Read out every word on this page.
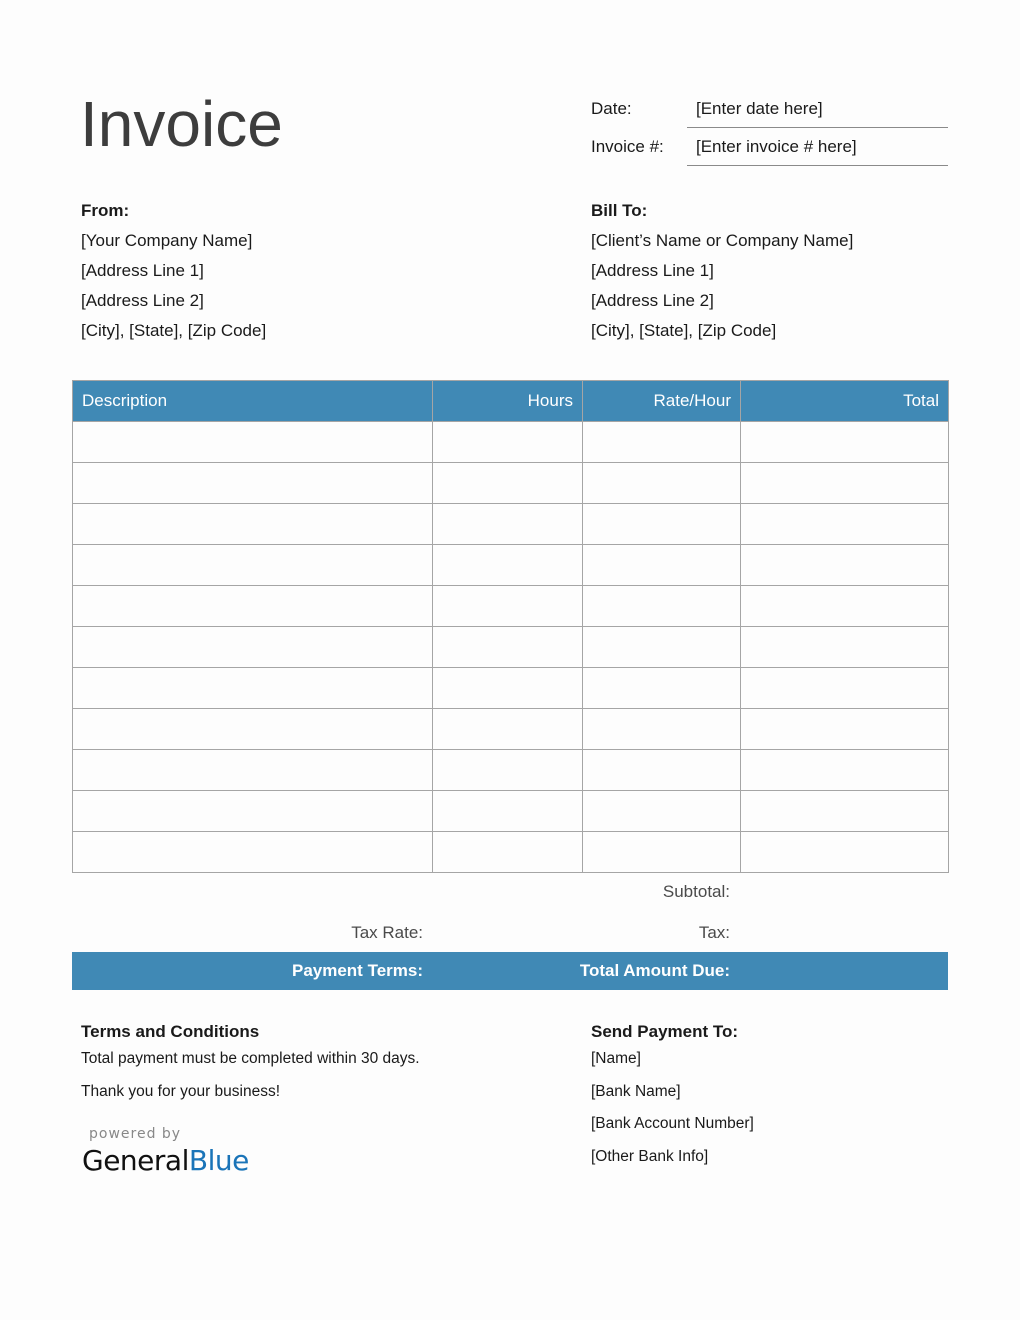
Invoice	Date:	[Enter date here]
Invoice #: [Enter invoice # here]
From:
[Your Company Name]
[Address Line 1]
[Address Line 2]
[City], [State], [Zip Code]
Bill To:
[Client’s Name or Company Name]
[Address Line 1]
[Address Line 2]
[City], [State], [Zip Code]
Description	Hours	Rate/Hour	Total

Subtotal:
Tax Rate:	Tax:
Payment Terms:	Total Amount Due:
Terms and Conditions
Total payment must be completed within 30 days.
Thank you for your business!
Send Payment To:
[Name]
[Bank Name]
[Bank Account Number]
[Other Bank Info]
powered by
GeneralBlue
